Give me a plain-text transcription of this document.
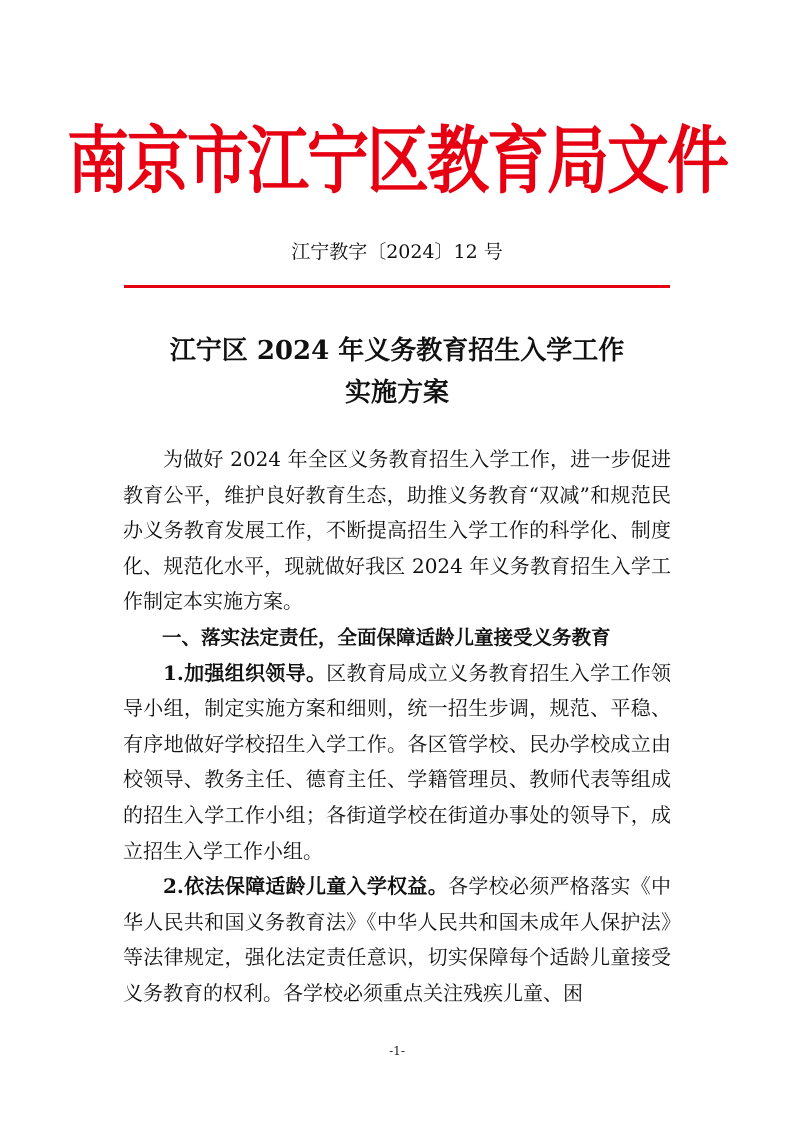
南京市江宁区教育局文件
江宁教字〔2024〕12 号
江宁区 2024 年义务教育招生入学工作
实施方案

为做好 2024 年全区义务教育招生入学工作，进一步促进教育公平，维护良好教育生态，助推义务教育“双减”和规范民办义务教育发展工作，不断提高招生入学工作的科学化、制度化、规范化水平，现就做好我区 2024 年义务教育招生入学工作制定本实施方案。

一、落实法定责任，全面保障适龄儿童接受义务教育

1.加强组织领导。区教育局成立义务教育招生入学工作领导小组，制定实施方案和细则，统一招生步调，规范、平稳、有序地做好学校招生入学工作。各区管学校、民办学校成立由校领导、教务主任、德育主任、学籍管理员、教师代表等组成的招生入学工作小组；各街道学校在街道办事处的领导下，成立招生入学工作小组。

2.依法保障适龄儿童入学权益。各学校必须严格落实《中华人民共和国义务教育法》《中华人民共和国未成年人保护法》等法律规定，强化法定责任意识，切实保障每个适龄儿童接受义务教育的权利。各学校必须重点关注残疾儿童、困

-1-
